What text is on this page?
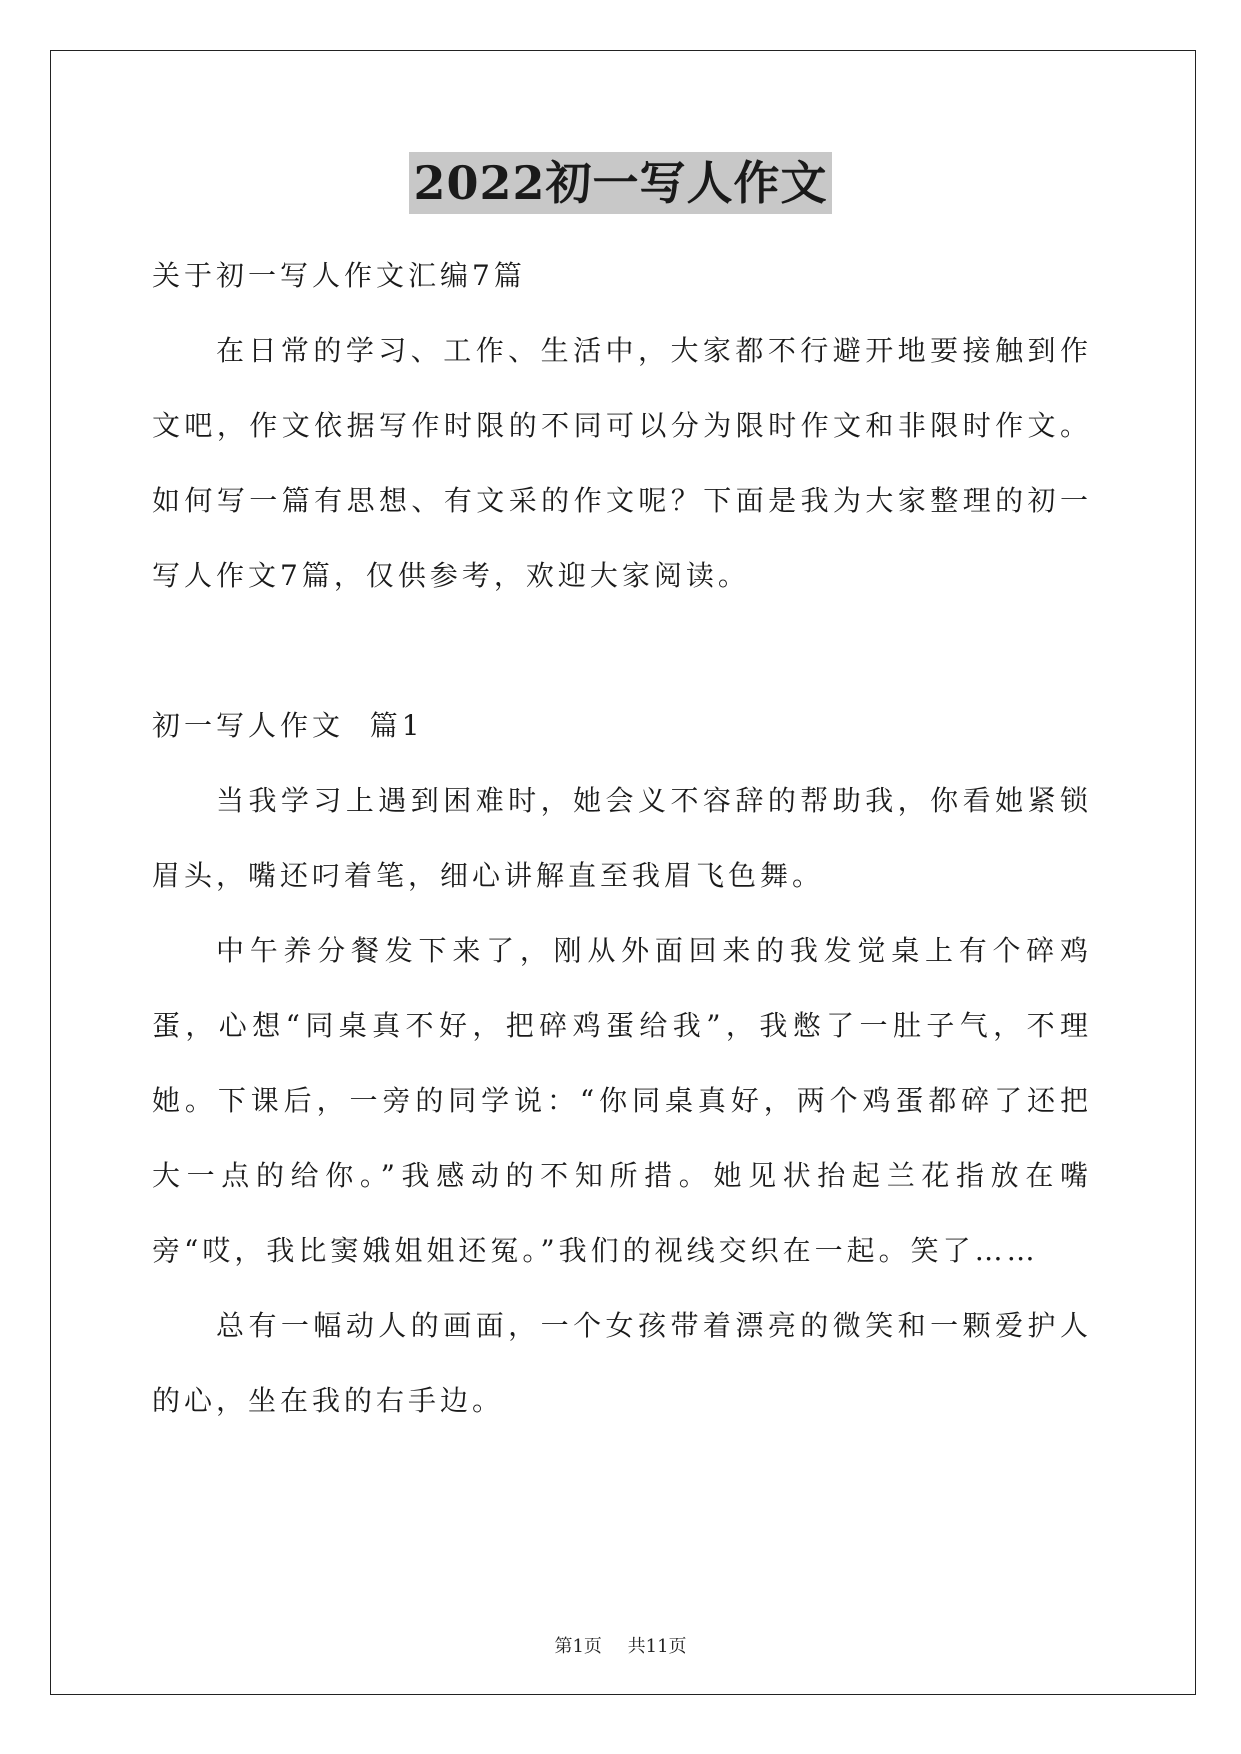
2022初一写人作文

关于初一写人作文汇编7篇

在日常的学习、工作、生活中，大家都不行避开地要接触到作文吧，作文依据写作时限的不同可以分为限时作文和非限时作文。如何写一篇有思想、有文采的作文呢？下面是我为大家整理的初一写人作文7篇，仅供参考，欢迎大家阅读。

初一写人作文  篇1

当我学习上遇到困难时，她会义不容辞的帮助我，你看她紧锁眉头，嘴还叼着笔，细心讲解直至我眉飞色舞。

中午养分餐发下来了，刚从外面回来的我发觉桌上有个碎鸡蛋，心想“同桌真不好，把碎鸡蛋给我”，我憋了一肚子气，不理她。下课后，一旁的同学说：“你同桌真好，两个鸡蛋都碎了还把大一点的给你。”我感动的不知所措。她见状抬起兰花指放在嘴旁“哎，我比窦娥姐姐还冤。”我们的视线交织在一起。笑了……

总有一幅动人的画面，一个女孩带着漂亮的微笑和一颗爱护人的心，坐在我的右手边。

第1页 共11页
